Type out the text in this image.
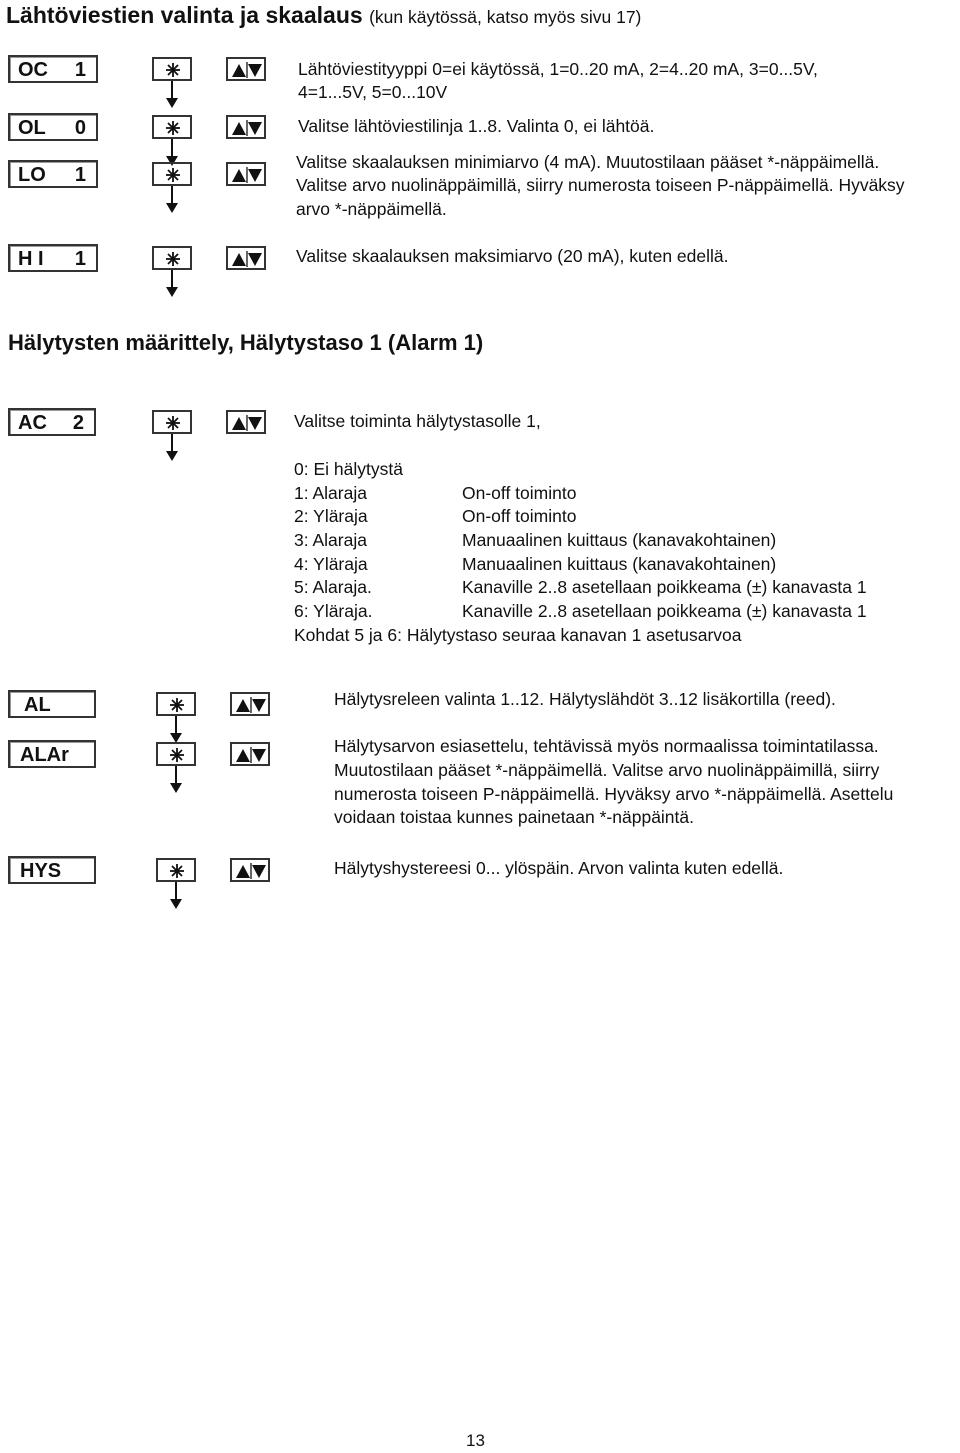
Lähtöviestien valinta ja skaalaus (kun käytössä, katso myös sivu 17)
OC 1	Lähtöviestityyppi 0=ei käytössä, 1=0..20 mA, 2=4..20 mA, 3=0...5V,
4=1...5V, 5=0...10V
OL 0	Valitse lähtöviestilinja 1..8. Valinta 0, ei lähtöä.
LO 1
Valitse skaalauksen minimiarvo (4 mA). Muutostilaan pääset *-näppäimellä.
Valitse arvo nuolinäppäimillä, siirry numerosta toiseen P-näppäimellä. Hyväksy
arvo *-näppäimellä.
H I 1	Valitse skaalauksen maksimiarvo (20 mA), kuten edellä.
Hälytysten määrittely, Hälytystaso 1 (Alarm 1)
AC 2	Valitse toiminta hälytystasolle 1,
0: Ei hälytystä
1: Alaraja	On-off toiminto
2: Yläraja	On-off toiminto
3: Alaraja	Manuaalinen kuittaus (kanavakohtainen)
4: Yläraja	Manuaalinen kuittaus (kanavakohtainen)
5: Alaraja.	Kanaville 2..8 asetellaan poikkeama (±) kanavasta 1
6: Yläraja.	Kanaville 2..8 asetellaan poikkeama (±) kanavasta 1
Kohdat 5 ja 6: Hälytystaso seuraa kanavan 1 asetusarvoa
AL	Hälytysreleen valinta 1..12. Hälytyslähdöt 3..12 lisäkortilla (reed).
ALAr	Hälytysarvon esiasettelu, tehtävissä myös normaalissa toimintatilassa.
Muutostilaan pääset *-näppäimellä. Valitse arvo nuolinäppäimillä, siirry
numerosta toiseen P-näppäimellä. Hyväksy arvo *-näppäimellä. Asettelu
voidaan toistaa kunnes painetaan *-näppäintä.
HYS	Hälytyshystereesi 0... ylöspäin. Arvon valinta kuten edellä.
13
